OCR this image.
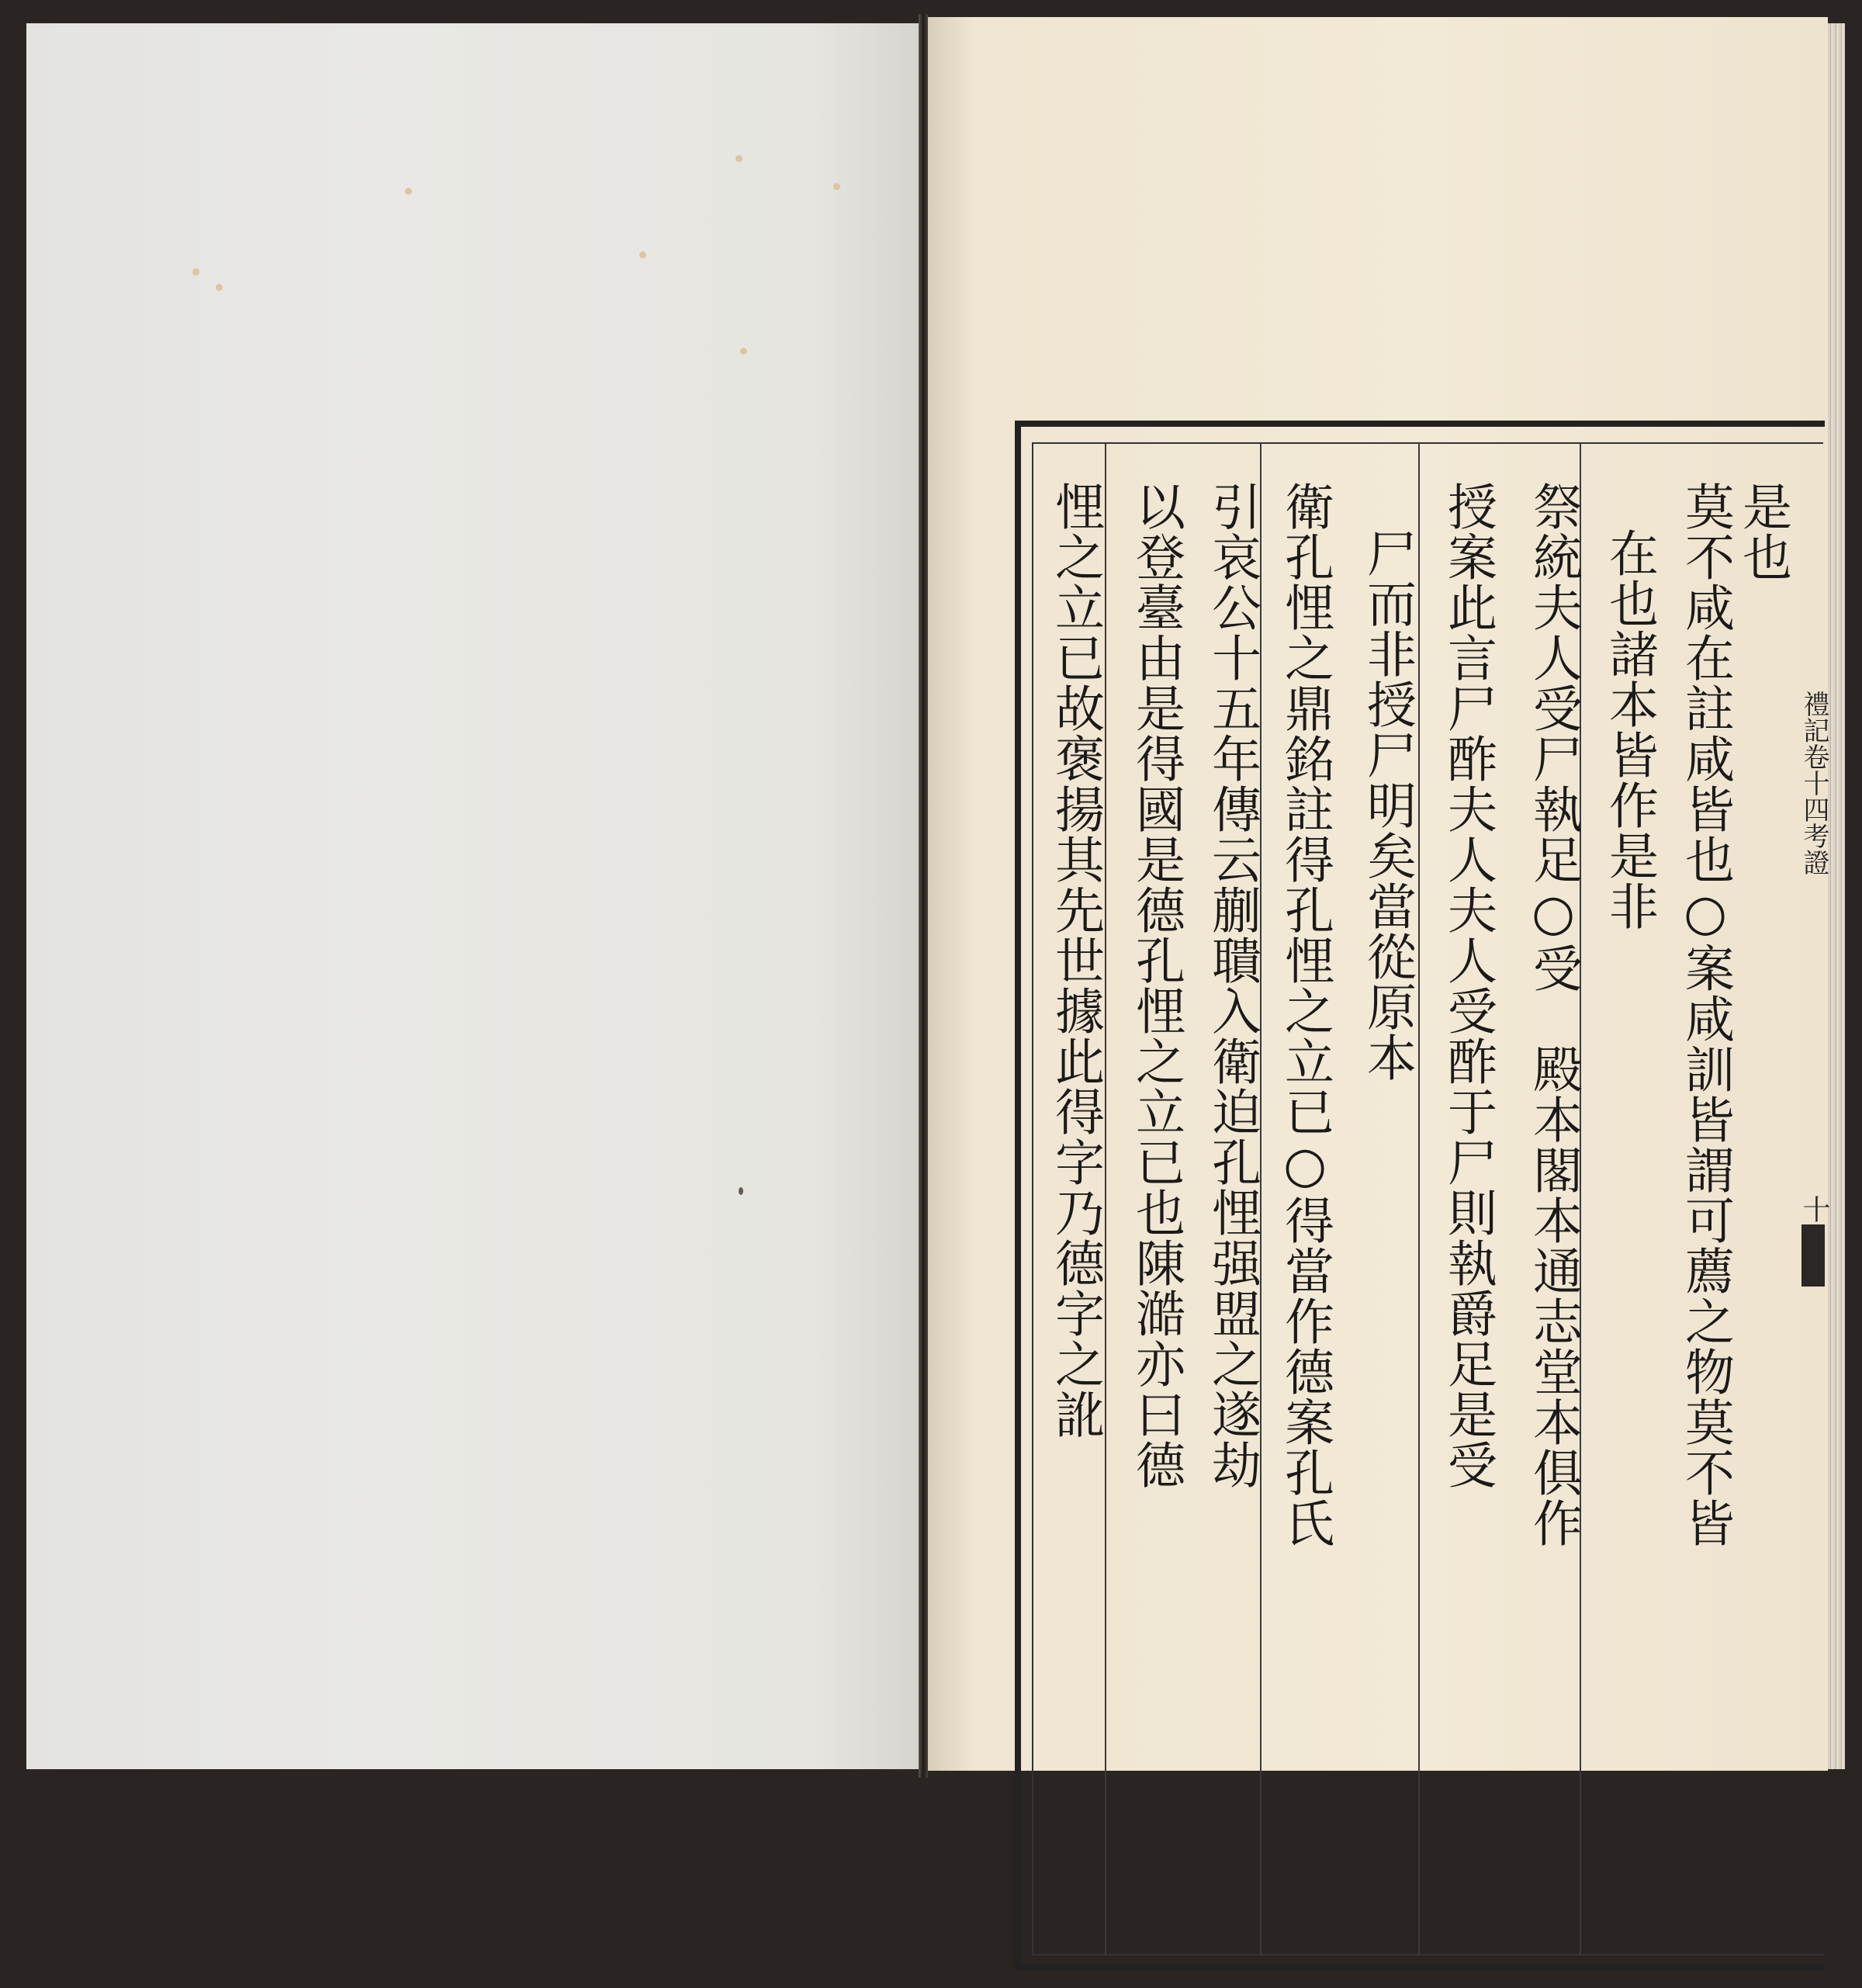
是也
莫不咸在註咸皆也○案咸訓皆謂可薦之物莫不皆
在也諸本皆作是非
祭統夫人受尸執足○受　殿本閣本通志堂本俱作
授案此言尸酢夫人夫人受酢于尸則執爵足是受
尸而非授尸明矣當從原本
衛孔悝之鼎銘註得孔悝之立已○得當作德案孔氏
引哀公十五年傳云蒯聵入衛迫孔悝强盟之遂劫
以登臺由是得國是德孔悝之立已也陳澔亦曰德
悝之立已故褒揚其先世據此得字乃德字之訛	禮記卷十四考證
十
